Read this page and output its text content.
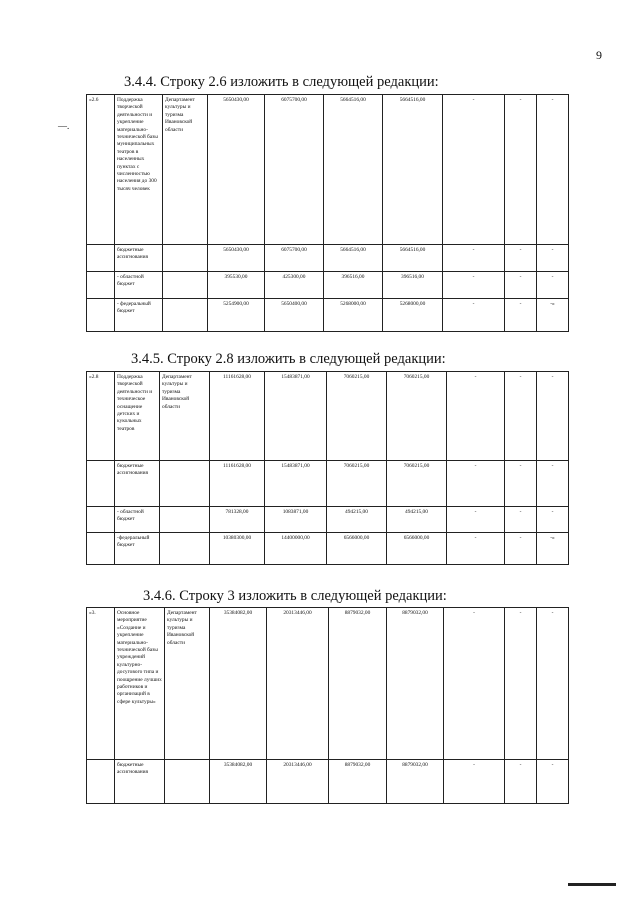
9
—.
3.4.4. Строку 2.6 изложить в следующей редакции:
«2.6	Поддержка творческой деятельности и укрепление материально-технической базы муниципальных театров в населенных пунктах с численностью населения до 300 тысяч человек	Департамент культуры и туризма Ивановской области	5650430,00	6075700,00	5664516,00	5664516,00	-	-	-
	бюджетные ассигнования		5650430,00	6075700,00	5664516,00	5664516,00	-	-	-
	- областной бюджет		395530,00	425300,00	396516,00	396516,00	-	-	-
	- федеральный бюджет		5254900,00	5650400,00	5268000,00	5268000,00	-	-	-»
3.4.5. Строку 2.8 изложить в следующей редакции:
«2.8	Поддержка творческой деятельности и техническое оснащение детских и кукольных театров	Департамент культуры и туризма Ивановской области	11161628,00	15483871,00	7060215,00	7060215,00	-	-	-
	бюджетные ассигнования		11161628,00	15483871,00	7060215,00	7060215,00	-	-	-
	- областной бюджет		781328,00	1083871,00	494215,00	494215,00	-	-	-
	-федеральный бюджет		10380300,00	14400000,00	6566000,00	6566000,00	-	-	-»
3.4.6. Строку 3 изложить в следующей редакции:
«3.	Основное мероприятие «Создание и укрепление материально-технической базы учреждений культурно-досугового типа и поощрение лучших работников и организаций в сфере культуры»	Департамент культуры и туризма Ивановской области	35384082,00	20313446,00	8879032,00	8879032,00	-	-	-
	бюджетные ассигнования		35384082,00	20313446,00	8879032,00	8879032,00	-	-	-
